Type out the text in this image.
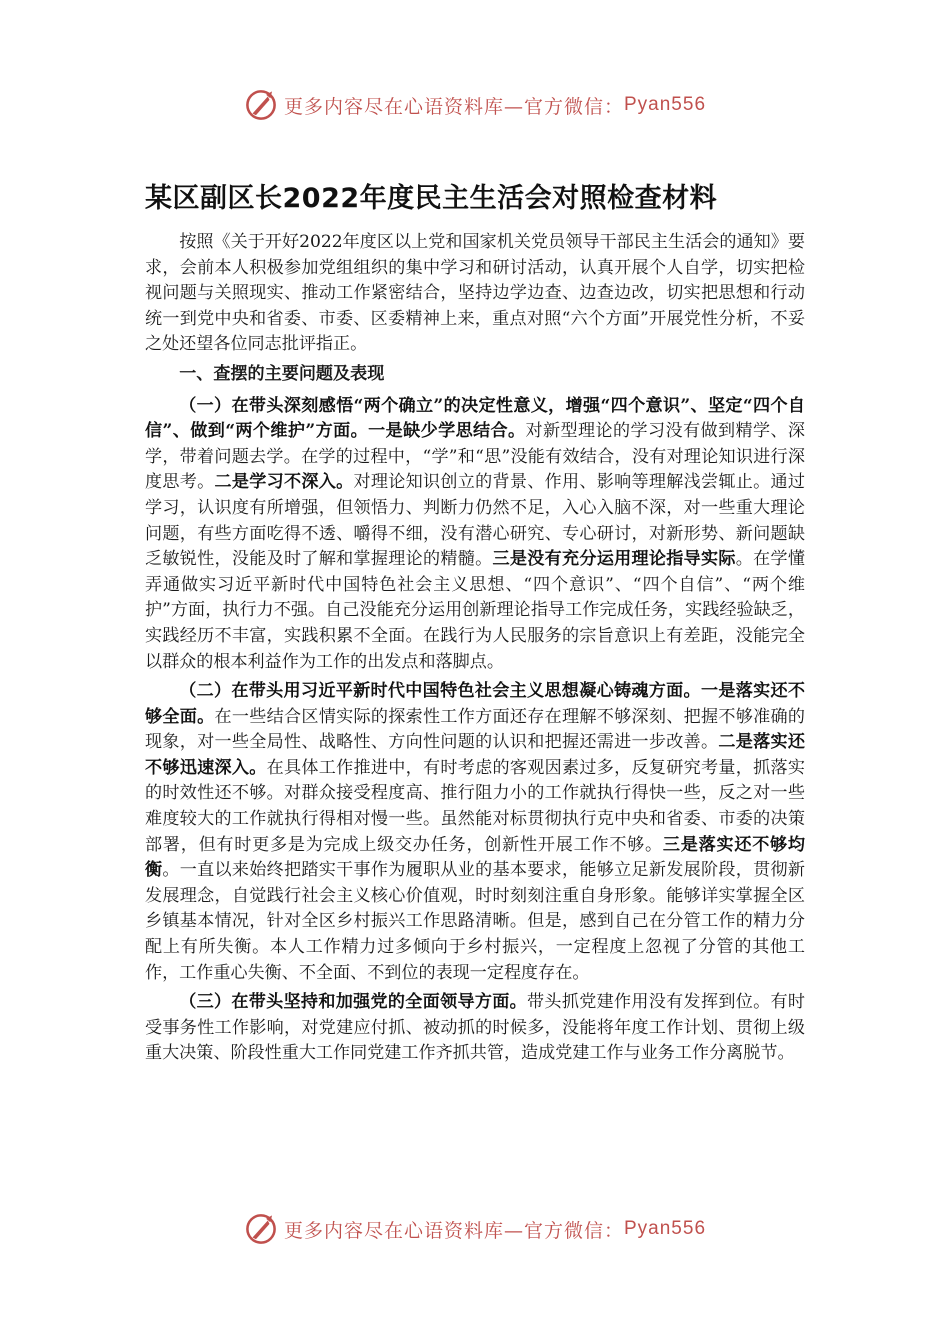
更多内容尽在心语资料库—官方微信： Pyan556
某区副区长2022年度民主生活会对照检查材料

按照《关于开好2022年度区以上党和国家机关党员领导干部民主生活会的通知》要求，会前本人积极参加党组组织的集中学习和研讨活动，认真开展个人自学，切实把检视问题与关照现实、推动工作紧密结合，坚持边学边查、边查边改，切实把思想和行动统一到党中央和省委、市委、区委精神上来，重点对照“六个方面”开展党性分析，不妥之处还望各位同志批评指正。

一、查摆的主要问题及表现

（一）在带头深刻感悟“两个确立”的决定性意义，增强“四个意识”、坚定“四个自信”、做到“两个维护”方面。一是缺少学思结合。对新型理论的学习没有做到精学、深学，带着问题去学。在学的过程中，“学”和“思”没能有效结合，没有对理论知识进行深度思考。二是学习不深入。对理论知识创立的背景、作用、影响等理解浅尝辄止。通过学习，认识度有所增强，但领悟力、判断力仍然不足，入心入脑不深，对一些重大理论问题，有些方面吃得不透、嚼得不细，没有潜心研究、专心研讨，对新形势、新问题缺乏敏锐性，没能及时了解和掌握理论的精髓。三是没有充分运用理论指导实际。在学懂弄通做实习近平新时代中国特色社会主义思想、“四个意识”、“四个自信”、“两个维护”方面，执行力不强。自己没能充分运用创新理论指导工作完成任务，实践经验缺乏，实践经历不丰富，实践积累不全面。在践行为人民服务的宗旨意识上有差距，没能完全以群众的根本利益作为工作的出发点和落脚点。

（二）在带头用习近平新时代中国特色社会主义思想凝心铸魂方面。一是落实还不够全面。在一些结合区情实际的探索性工作方面还存在理解不够深刻、把握不够准确的现象，对一些全局性、战略性、方向性问题的认识和把握还需进一步改善。二是落实还不够迅速深入。在具体工作推进中，有时考虑的客观因素过多，反复研究考量，抓落实的时效性还不够。对群众接受程度高、推行阻力小的工作就执行得快一些，反之对一些难度较大的工作就执行得相对慢一些。虽然能对标贯彻执行克中央和省委、市委的决策部署，但有时更多是为完成上级交办任务，创新性开展工作不够。三是落实还不够均衡。一直以来始终把踏实干事作为履职从业的基本要求，能够立足新发展阶段，贯彻新发展理念，自觉践行社会主义核心价值观，时时刻刻注重自身形象。能够详实掌握全区乡镇基本情况，针对全区乡村振兴工作思路清晰。但是，感到自己在分管工作的精力分配上有所失衡。本人工作精力过多倾向于乡村振兴，一定程度上忽视了分管的其他工作，工作重心失衡、不全面、不到位的表现一定程度存在。

（三）在带头坚持和加强党的全面领导方面。带头抓党建作用没有发挥到位。有时受事务性工作影响，对党建应付抓、被动抓的时候多，没能将年度工作计划、贯彻上级重大决策、阶段性重大工作同党建工作齐抓共管，造成党建工作与业务工作分离脱节。

更多内容尽在心语资料库—官方微信： Pyan556
